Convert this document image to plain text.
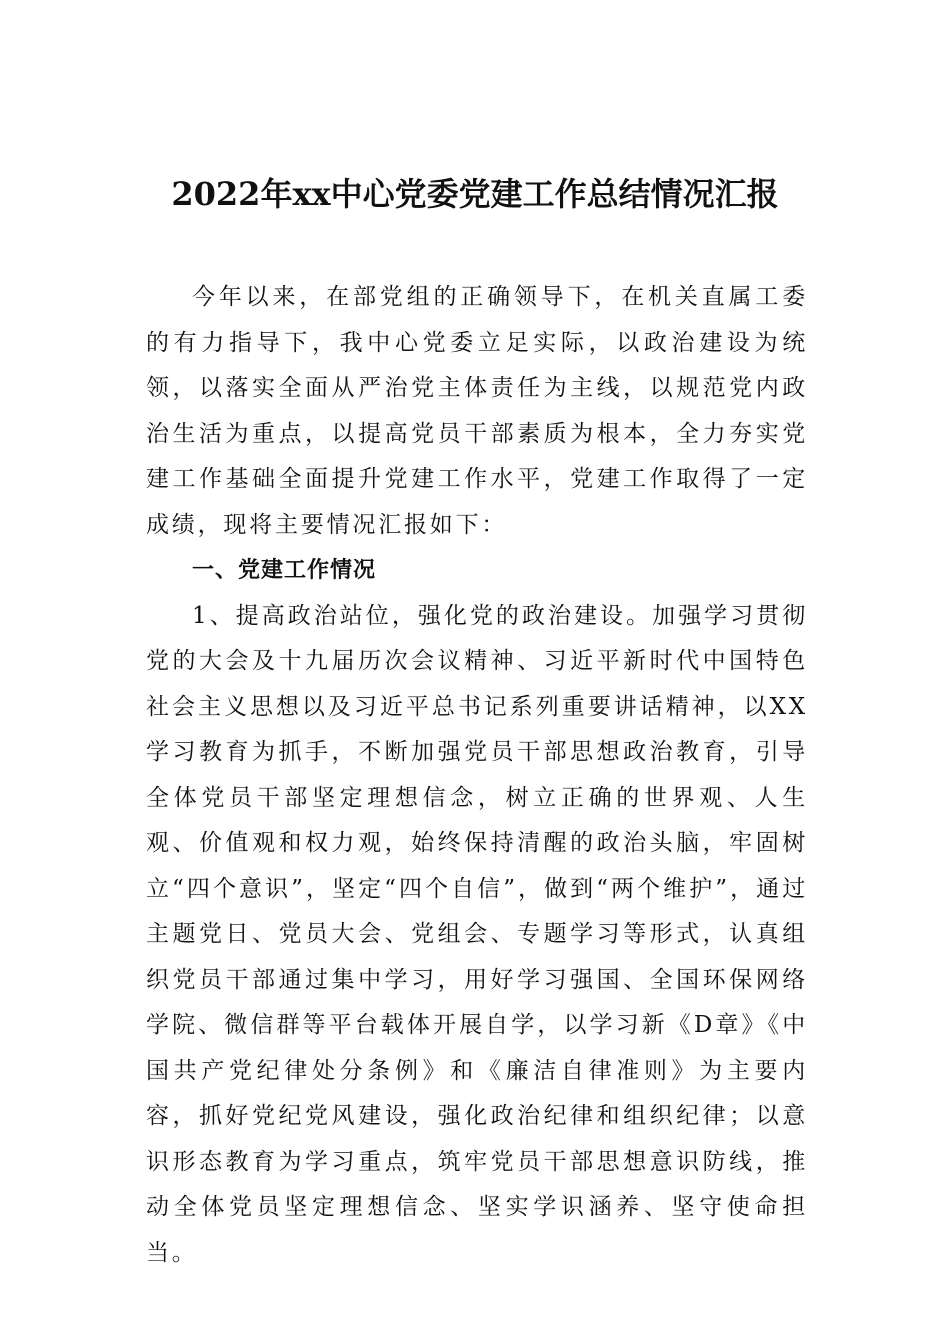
2022年xx中心党委党建工作总结情况汇报

今年以来，在部党组的正确领导下，在机关直属工委的有力指导下，我中心党委立足实际，以政治建设为统领，以落实全面从严治党主体责任为主线，以规范党内政治生活为重点，以提高党员干部素质为根本，全力夯实党建工作基础全面提升党建工作水平，党建工作取得了一定成绩，现将主要情况汇报如下：

一、党建工作情况

1、提高政治站位，强化党的政治建设。加强学习贯彻党的大会及十九届历次会议精神、习近平新时代中国特色社会主义思想以及习近平总书记系列重要讲话精神，以XX学习教育为抓手，不断加强党员干部思想政治教育，引导全体党员干部坚定理想信念，树立正确的世界观、人生观、价值观和权力观，始终保持清醒的政治头脑，牢固树立“四个意识”，坚定“四个自信”，做到“两个维护”，通过主题党日、党员大会、党组会、专题学习等形式，认真组织党员干部通过集中学习，用好学习强国、全国环保网络学院、微信群等平台载体开展自学，以学习新《D章》《中国共产党纪律处分条例》和《廉洁自律准则》为主要内容，抓好党纪党风建设，强化政治纪律和组织纪律；以意识形态教育为学习重点，筑牢党员干部思想意识防线，推动全体党员坚定理想信念、坚实学识涵养、坚守使命担当。
